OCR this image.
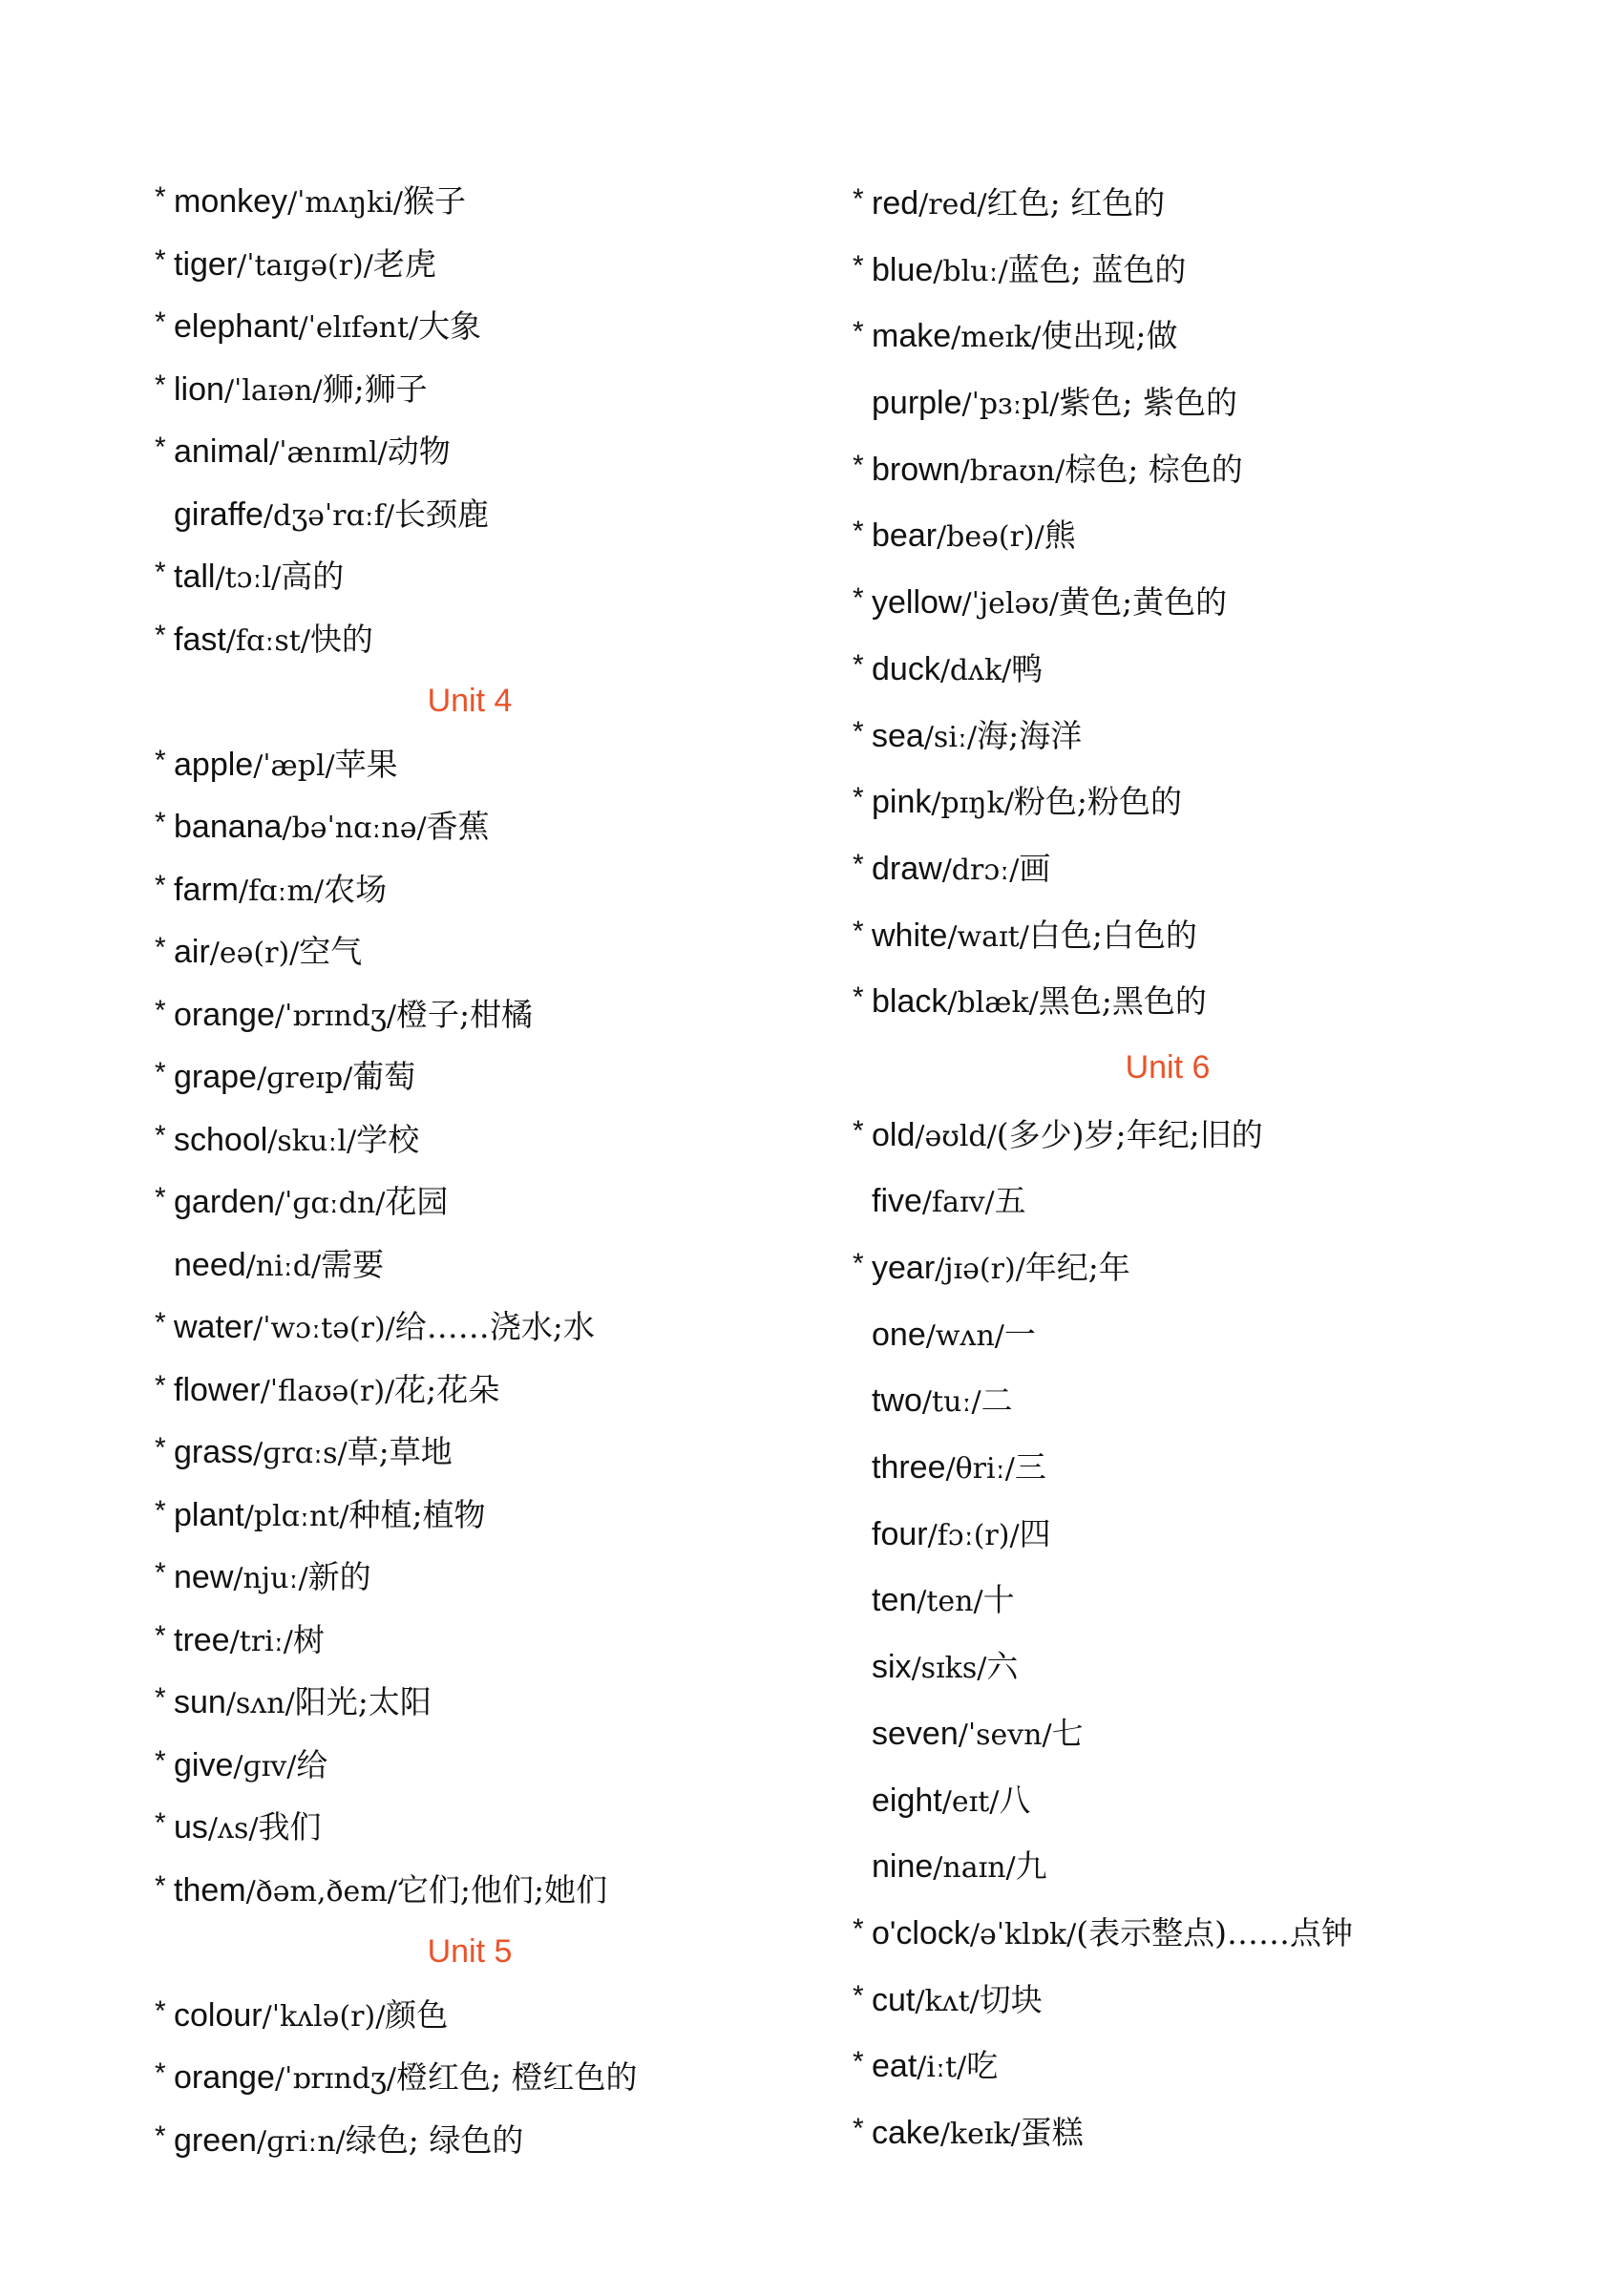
* monkey/ˈmʌŋki/猴子
* tiger/ˈtaɪɡə(r)/老虎
* elephant/ˈelɪfənt/大象
* lion/ˈlaɪən/狮;狮子
* animal/ˈænɪml/动物
giraffe/dʒəˈrɑːf/长颈鹿
* tall/tɔːl/高的
* fast/fɑːst/快的
Unit 4
* apple/ˈæpl/苹果
* banana/bəˈnɑːnə/香蕉
* farm/fɑːm/农场
* air/eə(r)/空气
* orange/ˈɒrɪndʒ/橙子;柑橘
* grape/ɡreɪp/葡萄
* school/skuːl/学校
* garden/ˈɡɑːdn/花园
need/niːd/需要
* water/ˈwɔːtə(r)/给……浇水;水
* flower/ˈflaʊə(r)/花;花朵
* grass/ɡrɑːs/草;草地
* plant/plɑːnt/种植;植物
* new/njuː/新的
* tree/triː/树
* sun/sʌn/阳光;太阳
* give/ɡɪv/给
* us/ʌs/我们
* them/ðəm,ðem/它们;他们;她们
Unit 5
* colour/ˈkʌlə(r)/颜色
* orange/ˈɒrɪndʒ/橙红色; 橙红色的
* green/ɡriːn/绿色; 绿色的
* red/red/红色; 红色的
* blue/bluː/蓝色; 蓝色的
* make/meɪk/使出现;做
purple/ˈpɜːpl/紫色; 紫色的
* brown/braʊn/棕色; 棕色的
* bear/beə(r)/熊
* yellow/ˈjeləʊ/黄色;黄色的
* duck/dʌk/鸭
* sea/siː/海;海洋
* pink/pɪŋk/粉色;粉色的
* draw/drɔː/画
* white/waɪt/白色;白色的
* black/blæk/黑色;黑色的
Unit 6
* old/əʊld/(多少)岁;年纪;旧的
five/faɪv/五
* year/jɪə(r)/年纪;年
one/wʌn/一
two/tuː/二
three/θriː/三
four/fɔː(r)/四
ten/ten/十
six/sɪks/六
seven/ˈsevn/七
eight/eɪt/八
nine/naɪn/九
* o'clock/əˈklɒk/(表示整点)……点钟
* cut/kʌt/切块
* eat/iːt/吃
* cake/keɪk/蛋糕
